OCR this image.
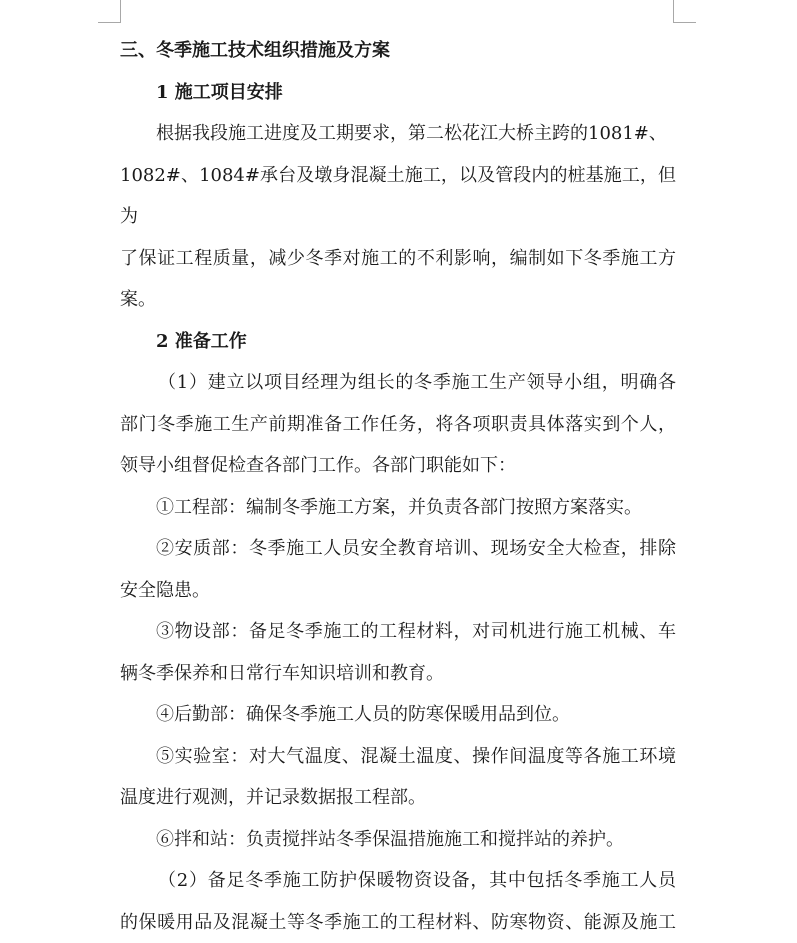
三、冬季施工技术组织措施及方案
1 施工项目安排
根据我段施工进度及工期要求，第二松花江大桥主跨的1081#、
1082#、1084#承台及墩身混凝土施工，以及管段内的桩基施工，但为
了保证工程质量，减少冬季对施工的不利影响，编制如下冬季施工方
案。
2 准备工作
（1）建立以项目经理为组长的冬季施工生产领导小组，明确各
部门冬季施工生产前期准备工作任务，将各项职责具体落实到个人，
领导小组督促检查各部门工作。各部门职能如下：
①工程部：编制冬季施工方案，并负责各部门按照方案落实。
②安质部：冬季施工人员安全教育培训、现场安全大检查，排除
安全隐患。
③物设部：备足冬季施工的工程材料，对司机进行施工机械、车
辆冬季保养和日常行车知识培训和教育。
④后勤部：确保冬季施工人员的防寒保暖用品到位。
⑤实验室：对大气温度、混凝土温度、操作间温度等各施工环境
温度进行观测，并记录数据报工程部。
⑥拌和站：负责搅拌站冬季保温措施施工和搅拌站的养护。
（2）备足冬季施工防护保暖物资设备，其中包括冬季施工人员
的保暖用品及混凝土等冬季施工的工程材料、防寒物资、能源及施工
